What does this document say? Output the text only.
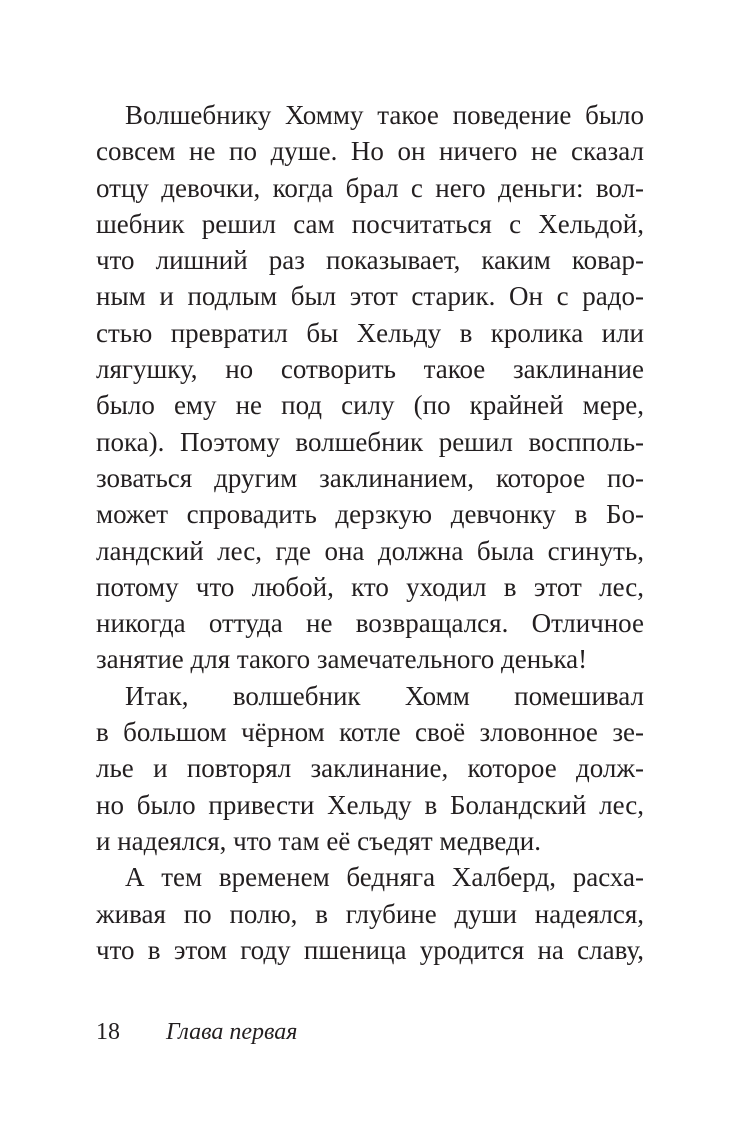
Волшебнику Хомму такое поведение было
совсем не по душе. Но он ничего не сказал
отцу девочки, когда брал с него деньги: вол-
шебник решил сам посчитаться с Хельдой,
что лишний раз показывает, каким ковар-
ным и подлым был этот старик. Он с радо-
стью превратил бы Хельду в кролика или
лягушку, но сотворить такое заклинание
было ему не под силу (по крайней мере,
пока). Поэтому волшебник решил воспполь-
зоваться другим заклинанием, которое по-
может спровадить дерзкую девчонку в Бо-
ландский лес, где она должна была сгинуть,
потому что любой, кто уходил в этот лес,
никогда оттуда не возвращался. Отличное
занятие для такого замечательного денька!
Итак, волшебник Хомм помешивал
в большом чёрном котле своё зловонное зе-
лье и повторял заклинание, которое долж-
но было привести Хельду в Боландский лес,
и надеялся, что там её съедят медведи.
А тем временем бедняга Халберд, расха-
живая по полю, в глубине души надеялся,
что в этом году пшеница уродится на славу,
18 Глава первая
